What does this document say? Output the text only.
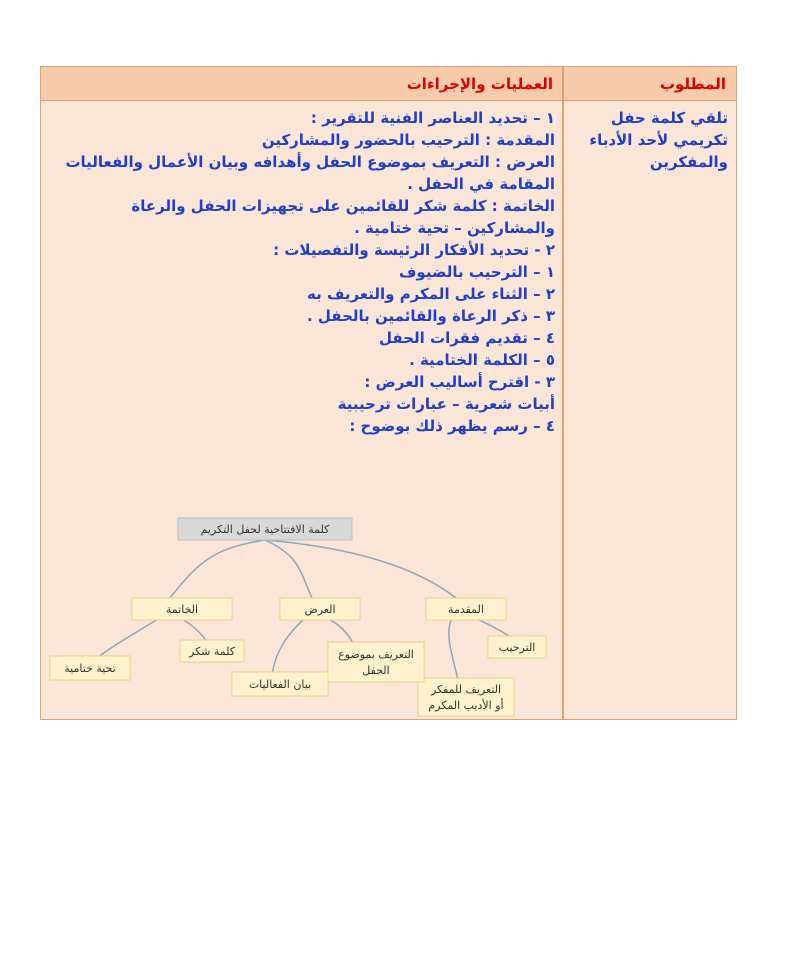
المطلوب
العمليات والإجراءات
تلقي كلمة حفل تكريمي لأحد الأدباء والمفكرين
١ – تحديد العناصر الفنية للتقرير :
المقدمة : الترحيب بالحضور والمشاركين
العرض : التعريف بموضوع الحفل وأهدافه وبيان الأعمال والفعاليات المقامة في الحفل .
الخاتمة : كلمة شكر للقائمين على تجهيزات الحفل والرعاة والمشاركين – تحية ختامية .
٢ - تحديد الأفكار الرئيسة والتفصيلات :
١ – الترحيب بالضيوف
٢ – الثناء على المكرم والتعريف به
٣ – ذكر الرعاة والقائمين بالحفل .
٤ – تقديم فقرات الحفل
٥ – الكلمة الختامية .
٣ - اقترح أساليب العرض :
أبيات شعرية – عبارات ترحيبية
٤ – رسم يظهر ذلك بوضوح :
كلمة الافتتاحية لحفل التكريم
المقدمة
العرض
الخاتمة
الترحيب
التعريف للمفكر
أو الأديب المكرم
التعريف بموضوع
الحفل
بيان الفعاليات
كلمة شكر
تحية ختامية
